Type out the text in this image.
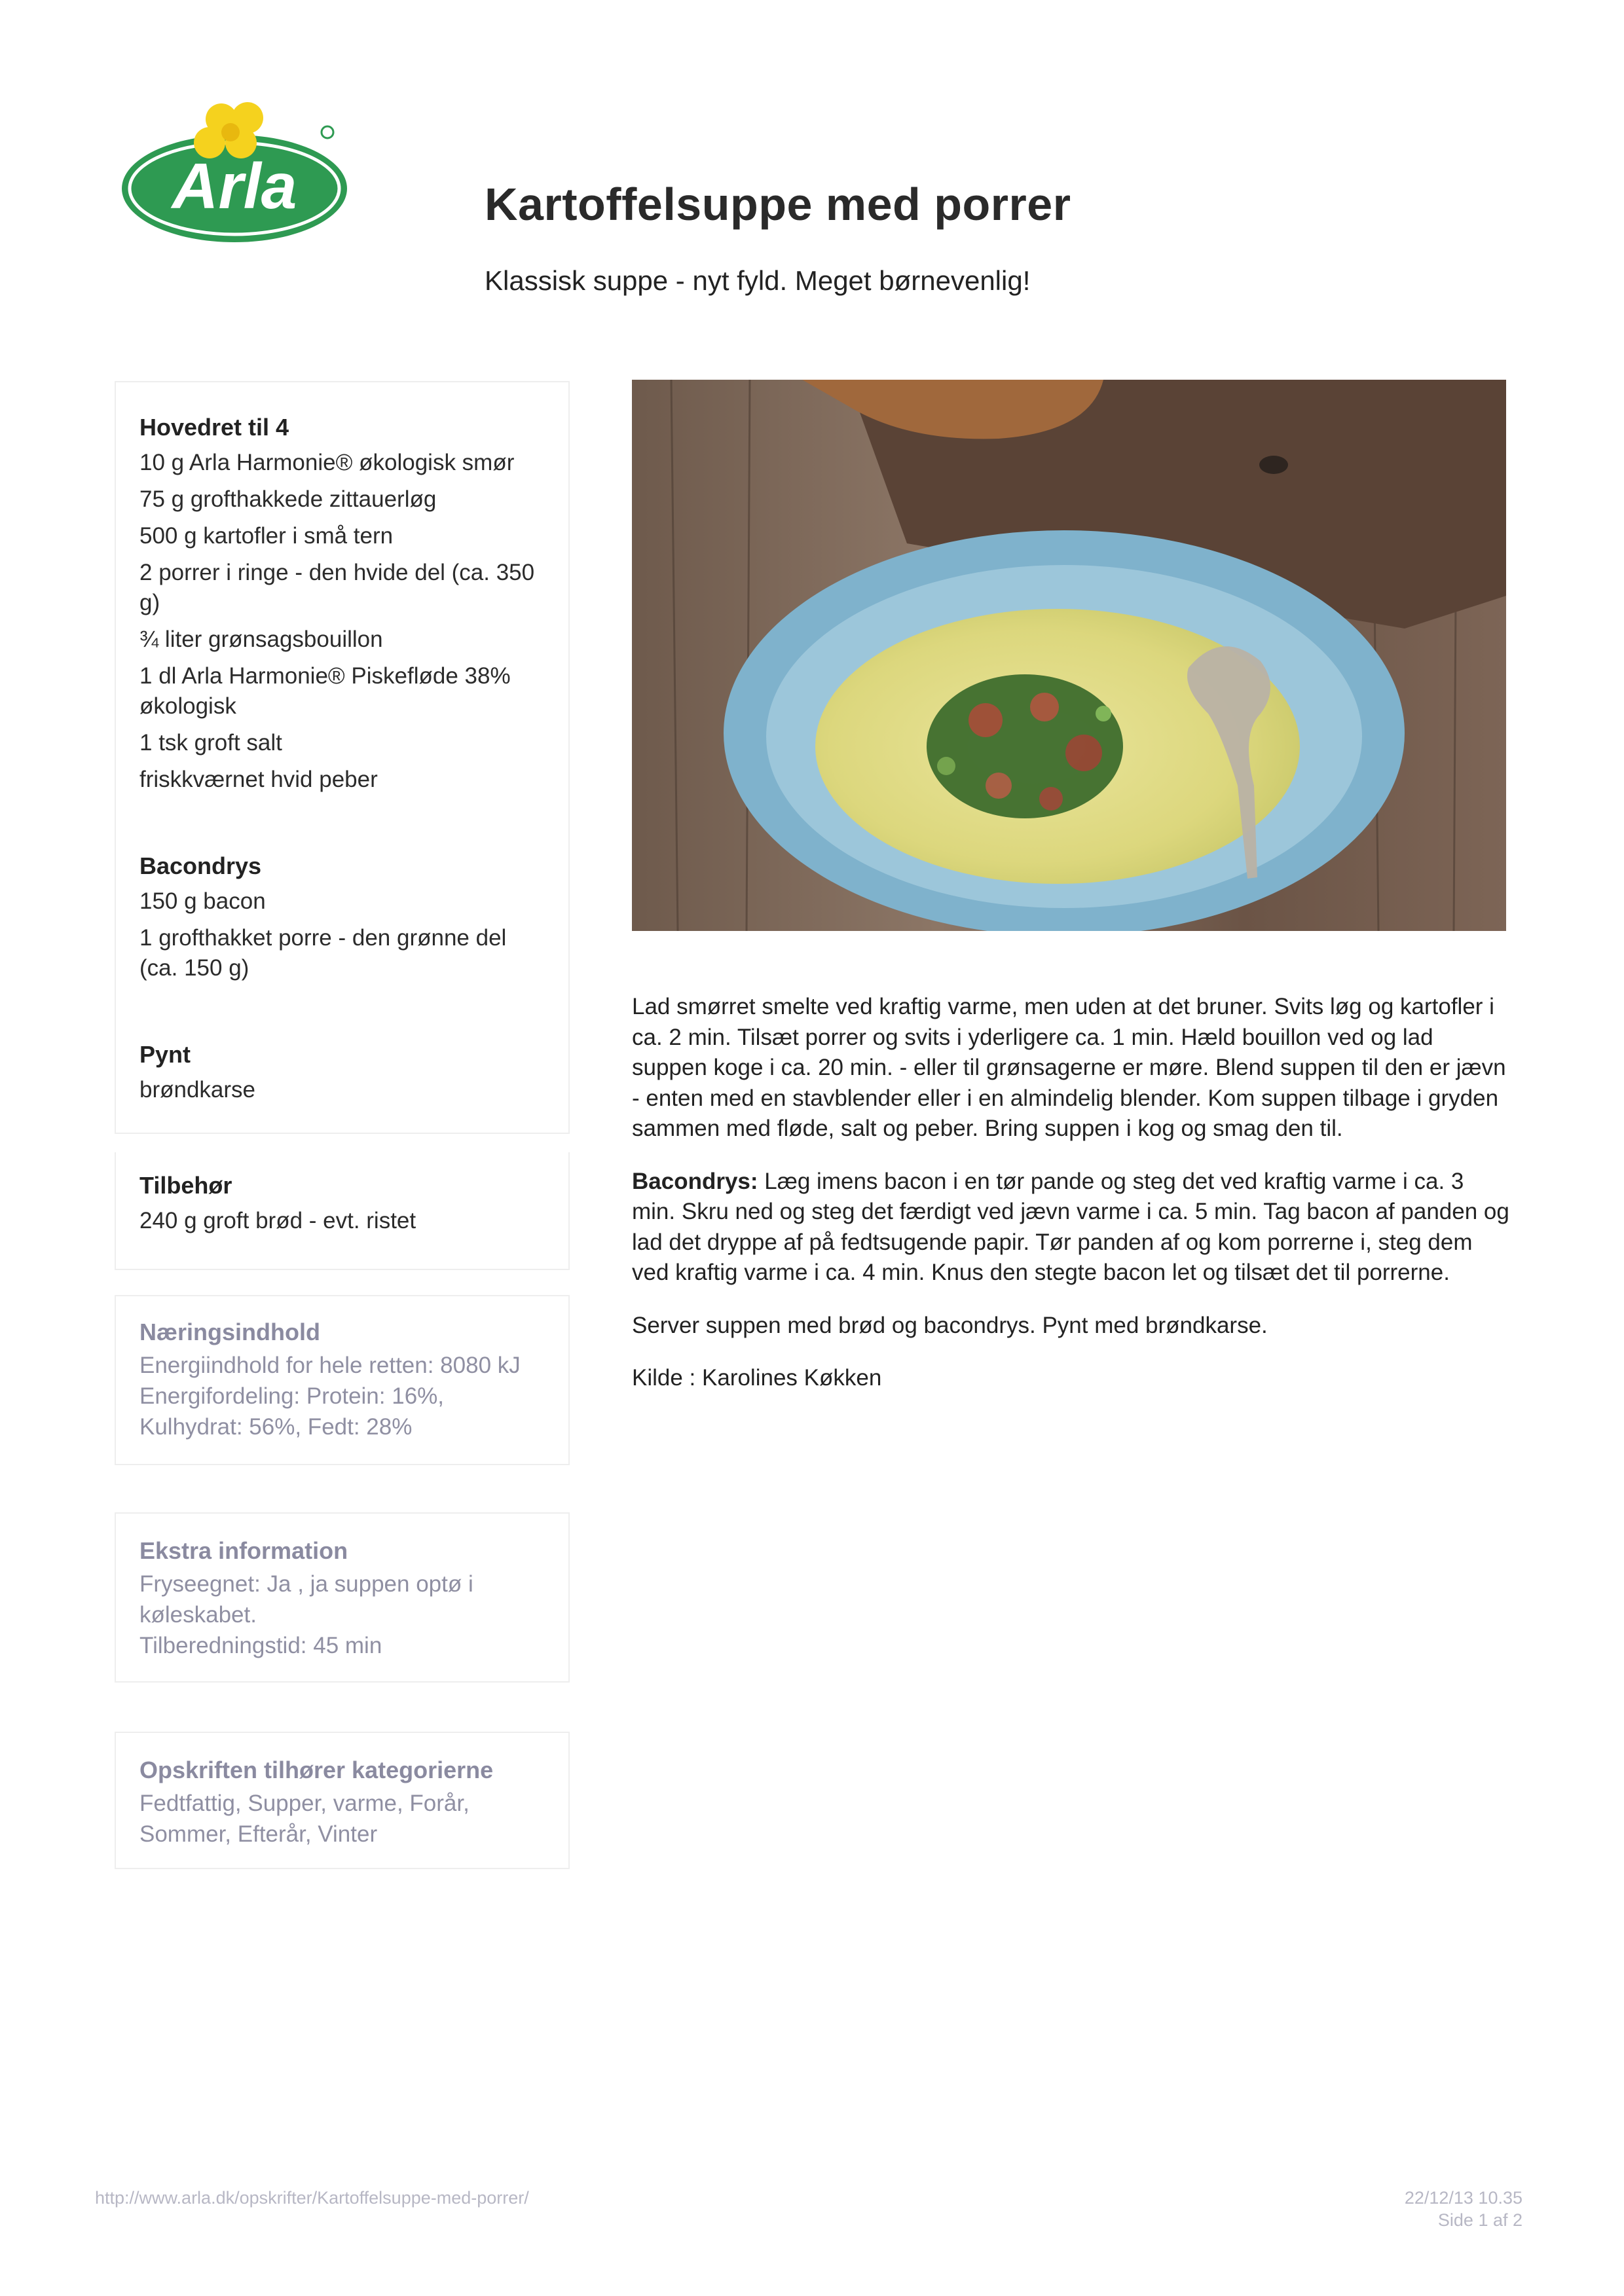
Arla	Kartoffelsuppe med porrer
Klassisk suppe - nyt fyld. Meget børnevenlig!
Hovedret til 4
10 g Arla Harmonie® økologisk smør
75 g grofthakkede zittauerløg
500 g kartofler i små tern
2 porrer i ringe - den hvide del (ca. 350 g)
¾ liter grønsagsbouillon
1 dl Arla Harmonie® Piskefløde 38% økologisk
1 tsk groft salt
friskkværnet hvid peber
Bacondrys
150 g bacon
1 grofthakket porre - den grønne del (ca. 150 g)
Pynt
brøndkarse
Tilbehør
240 g groft brød - evt. ristet
Næringsindhold
Energiindhold for hele retten: 8080 kJ
Energifordeling: Protein: 16%, Kulhydrat: 56%, Fedt: 28%
Ekstra information
Fryseegnet: Ja , ja suppen optø i køleskabet.
Tilberedningstid: 45 min
Opskriften tilhører kategorierne
Fedtfattig, Supper, varme, Forår, Sommer, Efterår, Vinter

Lad smørret smelte ved kraftig varme, men uden at det bruner. Svits løg og kartofler i ca. 2 min. Tilsæt porrer og svits i yderligere ca. 1 min. Hæld bouillon ved og lad suppen koge i ca. 20 min. - eller til grønsagerne er møre. Blend suppen til den er jævn - enten med en stavblender eller i en almindelig blender. Kom suppen tilbage i gryden sammen med fløde, salt og peber. Bring suppen i kog og smag den til.

Bacondrys: Læg imens bacon i en tør pande og steg det ved kraftig varme i ca. 3 min. Skru ned og steg det færdigt ved jævn varme i ca. 5 min. Tag bacon af panden og lad det dryppe af på fedtsugende papir. Tør panden af og kom porrerne i, steg dem ved kraftig varme i ca. 4 min. Knus den stegte bacon let og tilsæt det til porrerne.

Server suppen med brød og bacondrys. Pynt med brøndkarse.

Kilde : Karolines Køkken

http://www.arla.dk/opskrifter/Kartoffelsuppe-med-porrer/	22/12/13 10.35
Side 1 af 2
